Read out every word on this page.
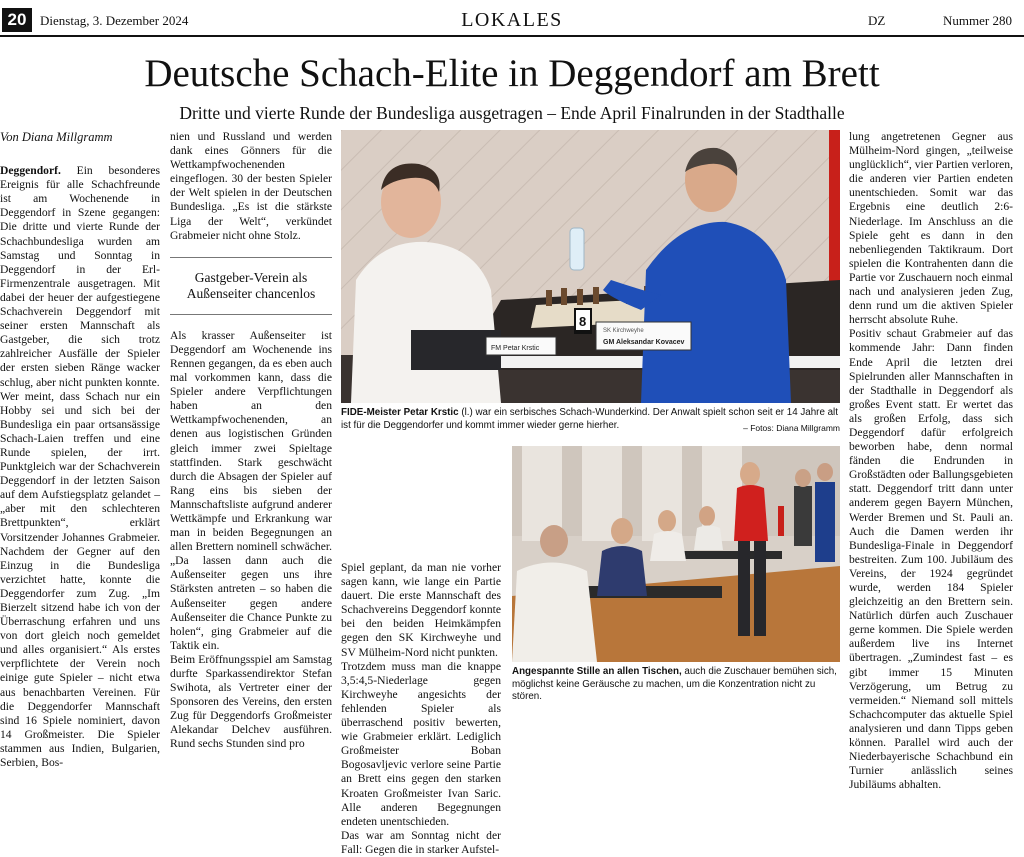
20	Dienstag, 3. Dezember 2024	LOKALES	DZ	Nummer 280
Deutsche Schach-Elite in Deggendorf am Brett
Dritte und vierte Runde der Bundesliga ausgetragen – Ende April Finalrunden in der Stadthalle

Von Diana Millgramm

Deggendorf. Ein besonderes Ereignis für alle Schachfreunde ist am Wochenende in Deggendorf in Szene gegangen: Die dritte und vierte Runde der Schachbundesliga wurden am Samstag und Sonntag in Deggendorf in der Erl-Firmenzentrale ausgetragen. Mit dabei der heuer der aufgestiegene Schachverein Deggendorf mit seiner ersten Mannschaft als Gastgeber, die sich trotz zahlreicher Ausfälle der Spieler der ersten sieben Ränge wacker schlug, aber nicht punkten konnte.

Wer meint, dass Schach nur ein Hobby sei und sich bei der Bundesliga ein paar ortsansässige Schach-Laien treffen und eine Runde spielen, der irrt. Punktgleich war der Schachverein Deggendorf in der letzten Saison auf dem Aufstiegsplatz gelandet – „aber mit den schlechteren Brettpunkten“, erklärt Vorsitzender Johannes Grabmeier. Nachdem der Gegner auf den Einzug in die Bundesliga verzichtet hatte, konnte die Deggendorfer zum Zug. „Im Bierzelt sitzend habe ich von der Überraschung erfahren und uns von dort gleich noch gemeldet und alles organisiert.“ Als erstes verpflichtete der Verein noch einige gute Spieler – nicht etwa aus benachbarten Vereinen. Für die Deggendorfer Mannschaft sind 16 Spiele nominiert, davon 14 Großmeister. Die Spieler stammen aus Indien, Bulgarien, Serbien, Bos-

nien und Russland und werden dank eines Gönners für die Wettkampfwochenenden eingeflogen. 30 der besten Spieler der Welt spielen in der Deutschen Bundesliga. „Es ist die stärkste Liga der Welt“, verkündet Grabmeier nicht ohne Stolz.

Gastgeber-Verein als Außenseiter chancenlos

Als krasser Außenseiter ist Deggendorf am Wochenende ins Rennen gegangen, da es eben auch mal vorkommen kann, dass die Spieler andere Verpflichtungen haben an den Wettkampfwochenenden, an denen aus logistischen Gründen gleich immer zwei Spieltage stattfinden. Stark geschwächt durch die Absagen der Spieler auf Rang eins bis sieben der Mannschaftsliste aufgrund anderer Wettkämpfe und Erkrankung war man in beiden Begegnungen an allen Brettern nominell schwächer. „Da lassen dann auch die Außenseiter gegen uns ihre Stärksten antreten – so haben die Außenseiter gegen andere Außenseiter die Chance Punkte zu holen“, ging Grabmeier auf die Taktik ein.

Beim Eröffnungsspiel am Samstag durfte Sparkassendirektor Stefan Swihota, als Vertreter einer der Sponsoren des Vereins, den ersten Zug für Deggendorfs Großmeister Alekandar Delchev ausführen. Rund sechs Stunden sind pro

FM Petar Krstic
SK Kirchweyhe
GM Aleksandar Kovacev
8
FIDE-Meister Petar Krstic (l.) war ein serbisches Schach-Wunderkind. Der Anwalt spielt schon seit er 14 Jahre alt ist für die Deggendorfer und kommt immer wieder gerne hierher.	– Fotos: Diana Millgramm

Spiel geplant, da man nie vorher sagen kann, wie lange ein Partie dauert. Die erste Mannschaft des Schachvereins Deggendorf konnte bei den beiden Heimkämpfen gegen den SK Kirchweyhe und SV Mülheim-Nord nicht punkten.

Trotzdem muss man die knappe 3,5:4,5-Niederlage gegen Kirchweyhe angesichts der fehlenden Spieler als überraschend positiv bewerten, wie Grabmeier erklärt. Lediglich Großmeister Boban Bogosavljevic verlore seine Partie an Brett eins gegen den starken Kroaten Großmeister Ivan Saric. Alle anderen Begegnungen endeten unentschieden.

Das war am Sonntag nicht der Fall: Gegen die in starker Aufstel-

Angespannte Stille an allen Tischen, auch die Zuschauer bemühen sich, möglichst keine Geräusche zu machen, um die Konzentration nicht zu stören.

lung angetretenen Gegner aus Mülheim-Nord gingen, „teilweise unglücklich“, vier Partien verloren, die anderen vier Partien endeten unentschieden. Somit war das Ergebnis eine deutlich 2:6-Niederlage. Im Anschluss an die Spiele geht es dann in den nebenliegenden Taktikraum. Dort spielen die Kontrahenten dann die Partie vor Zuschauern noch einmal nach und analysieren jeden Zug, denn rund um die aktiven Spieler herrscht absolute Ruhe.

Positiv schaut Grabmeier auf das kommende Jahr: Dann finden Ende April die letzten drei Spielrunden aller Mannschaften in der Stadthalle in Deggendorf als großes Event statt. Er wertet das als großen Erfolg, dass sich Deggendorf dafür erfolgreich beworben habe, denn normal fänden die Endrunden in Großstädten oder Ballungsgebieten statt. Deggendorf tritt dann unter anderem gegen Bayern München, Werder Bremen und St. Pauli an. Auch die Damen werden ihr Bundesliga-Finale in Deggendorf bestreiten. Zum 100. Jubiläum des Vereins, der 1924 gegründet wurde, werden 184 Spieler gleichzeitig an den Brettern sein. Natürlich dürfen auch Zuschauer gerne kommen. Die Spiele werden außerdem live ins Internet übertragen. „Zumindest fast – es gibt immer 15 Minuten Verzögerung, um Betrug zu vermeiden.“ Niemand soll mittels Schachcomputer das aktuelle Spiel analysieren und dann Tipps geben können. Parallel wird auch der Niederbayerische Schachbund ein Turnier anlässlich seines Jubiläums abhalten.
